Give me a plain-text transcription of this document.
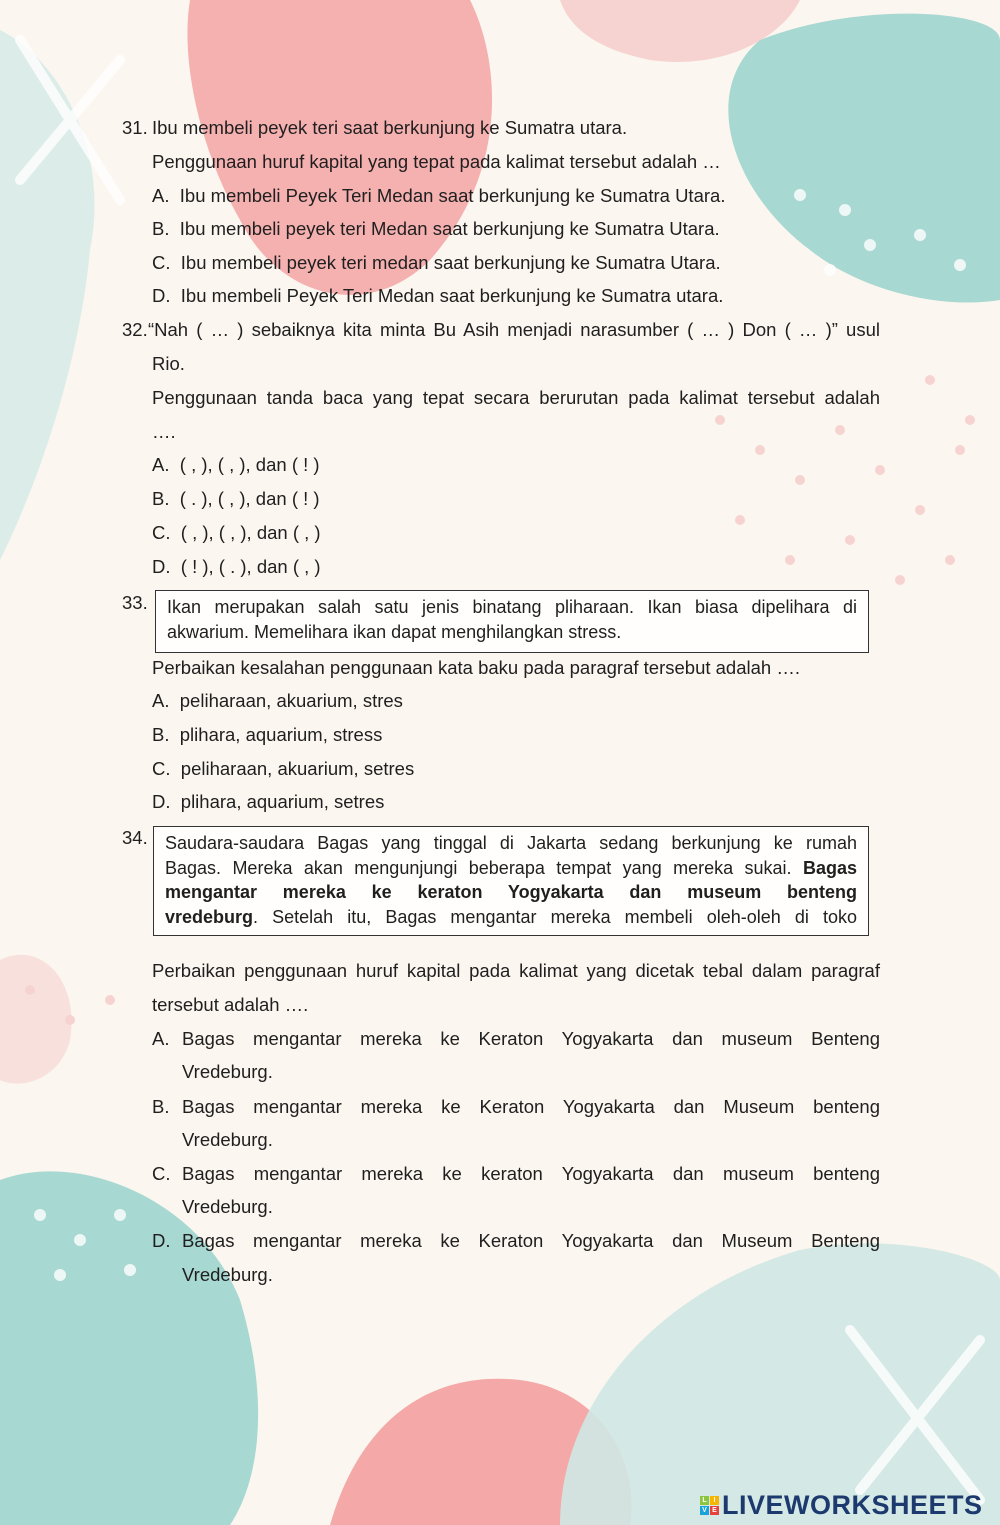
31. Ibu membeli peyek teri saat berkunjung ke Sumatra utara.
Penggunaan huruf kapital yang tepat pada kalimat tersebut adalah …
A. Ibu membeli Peyek Teri Medan saat berkunjung ke Sumatra Utara.
B. Ibu membeli peyek teri Medan saat berkunjung ke Sumatra Utara.
C. Ibu membeli peyek teri medan saat berkunjung ke Sumatra Utara.
D. Ibu membeli Peyek Teri Medan saat berkunjung ke Sumatra utara.
32. “Nah ( … ) sebaiknya kita minta Bu Asih menjadi narasumber ( … ) Don ( … )” usul
Rio.
Penggunaan tanda baca yang tepat secara berurutan pada kalimat tersebut adalah
….
A. ( , ), ( , ), dan ( ! )
B. ( . ), ( , ), dan ( ! )
C. ( , ), ( , ), dan ( , )
D. ( ! ), ( . ), dan ( , )
33. Ikan merupakan salah satu jenis binatang pliharaan. Ikan biasa dipelihara di

akwarium. Memelihara ikan dapat menghilangkan stress.

Perbaikan kesalahan penggunaan kata baku pada paragraf tersebut adalah ….
A. peliharaan, akuarium, stres
B. plihara, aquarium, stress
C. peliharaan, akuarium, setres
D. plihara, aquarium, setres
34. Saudara-saudara Bagas yang tinggal di Jakarta sedang berkunjung ke rumah

Bagas. Mereka akan mengunjungi beberapa tempat yang mereka sukai. Bagas

mengantar mereka ke keraton Yogyakarta dan museum benteng

vredeburg. Setelah itu, Bagas mengantar mereka membeli oleh-oleh di toko

Perbaikan penggunaan huruf kapital pada kalimat yang dicetak tebal dalam paragraf
tersebut adalah ….
A. Bagas mengantar mereka ke Keraton Yogyakarta dan museum Benteng
Vredeburg.
B. Bagas mengantar mereka ke Keraton Yogyakarta dan Museum benteng
Vredeburg.
C. Bagas mengantar mereka ke keraton Yogyakarta dan museum benteng
Vredeburg.
D. Bagas mengantar mereka ke Keraton Yogyakarta dan Museum Benteng
Vredeburg.
L I
V E LIVEWORKSHEETS
